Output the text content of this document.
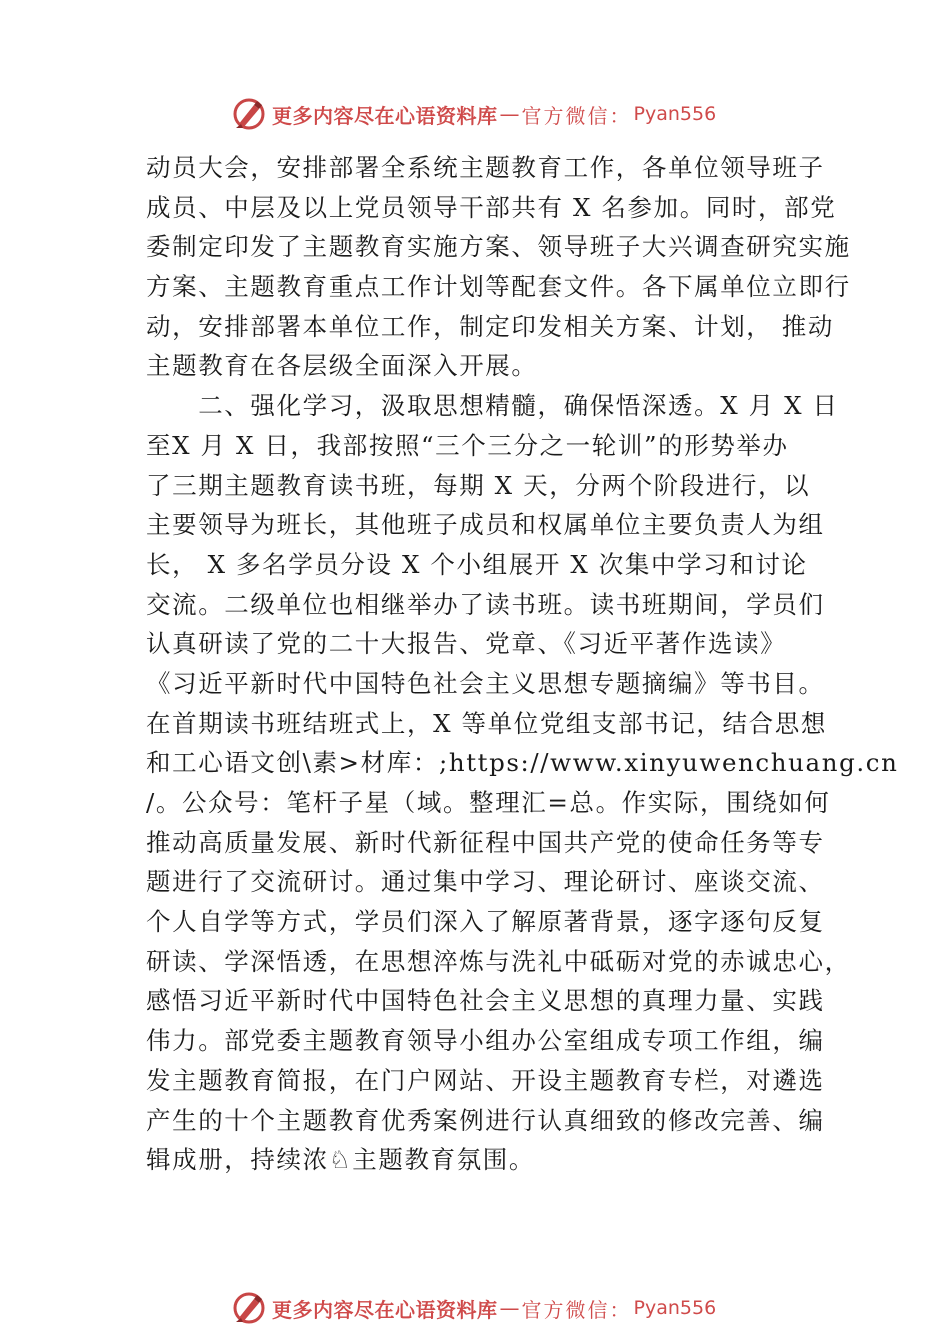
更多内容尽在心语资料库 — 官方微信： Pyan556
动员大会，安排部署全系统主题教育工作，各单位领导班子
成员、中层及以上党员领导干部共有 X 名参加。同时，部党
委制定印发了主题教育实施方案、领导班子大兴调查研究实施
方案、主题教育重点工作计划等配套文件。各下属单位立即行
动，安排部署本单位工作，制定印发相关方案、计划， 推动
主题教育在各层级全面深入开展。
　　二、强化学习，汲取思想精髓，确保悟深透。X 月 X 日
至X 月 X 日，我部按照“三个三分之一轮训”的形势举办
了三期主题教育读书班，每期 X 天，分两个阶段进行，以
主要领导为班长，其他班子成员和权属单位主要负责人为组
长， X 多名学员分设 X 个小组展开 X 次集中学习和讨论
交流。二级单位也相继举办了读书班。读书班期间，学员们
认真研读了党的二十大报告、党章、《习近平著作选读》
《习近平新时代中国特色社会主义思想专题摘编》等书目。
在首期读书班结班式上，X 等单位党组支部书记，结合思想
和工心语文创\素>材库：;https://www.xinyuwenchuang.cn
/。公众号：笔杆子星（域。整理汇=总。作实际，围绕如何
推动高质量发展、新时代新征程中国共产党的使命任务等专
题进行了交流研讨。通过集中学习、理论研讨、座谈交流、
个人自学等方式，学员们深入了解原著背景，逐字逐句反复
研读、学深悟透，在思想淬炼与洗礼中砥砺对党的赤诚忠心，
感悟习近平新时代中国特色社会主义思想的真理力量、实践
伟力。部党委主题教育领导小组办公室组成专项工作组，编
发主题教育简报，在门户网站、开设主题教育专栏，对遴选
产生的十个主题教育优秀案例进行认真细致的修改完善、编
辑成册，持续浓♘主题教育氛围。
更多内容尽在心语资料库 — 官方微信： Pyan556
